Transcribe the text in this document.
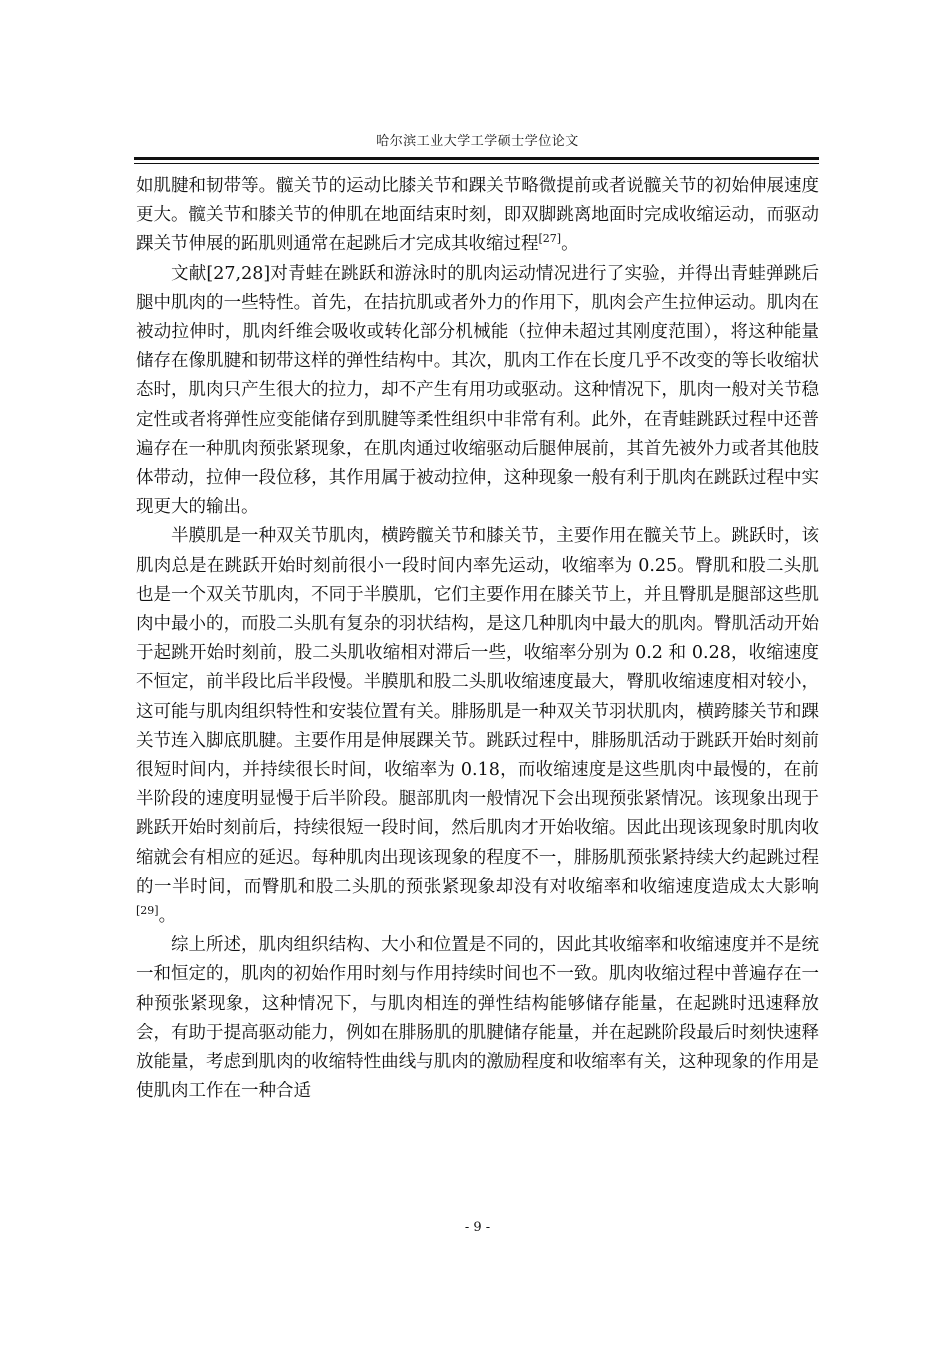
哈尔滨工业大学工学硕士学位论文

如肌腱和韧带等。髋关节的运动比膝关节和踝关节略微提前或者说髋关节的初始伸展速度更大。髋关节和膝关节的伸肌在地面结束时刻，即双脚跳离地面时完成收缩运动，而驱动踝关节伸展的跖肌则通常在起跳后才完成其收缩过程[27]。

文献[27,28]对青蛙在跳跃和游泳时的肌肉运动情况进行了实验，并得出青蛙弹跳后腿中肌肉的一些特性。首先，在拮抗肌或者外力的作用下，肌肉会产生拉伸运动。肌肉在被动拉伸时，肌肉纤维会吸收或转化部分机械能（拉伸未超过其刚度范围），将这种能量储存在像肌腱和韧带这样的弹性结构中。其次，肌肉工作在长度几乎不改变的等长收缩状态时，肌肉只产生很大的拉力，却不产生有用功或驱动。这种情况下，肌肉一般对关节稳定性或者将弹性应变能储存到肌腱等柔性组织中非常有利。此外，在青蛙跳跃过程中还普遍存在一种肌肉预张紧现象，在肌肉通过收缩驱动后腿伸展前，其首先被外力或者其他肢体带动，拉伸一段位移，其作用属于被动拉伸，这种现象一般有利于肌肉在跳跃过程中实现更大的输出。

半膜肌是一种双关节肌肉，横跨髋关节和膝关节，主要作用在髋关节上。跳跃时，该肌肉总是在跳跃开始时刻前很小一段时间内率先运动，收缩率为 0.25。臀肌和股二头肌也是一个双关节肌肉，不同于半膜肌，它们主要作用在膝关节上，并且臀肌是腿部这些肌肉中最小的，而股二头肌有复杂的羽状结构，是这几种肌肉中最大的肌肉。臀肌活动开始于起跳开始时刻前，股二头肌收缩相对滞后一些，收缩率分别为 0.2 和 0.28，收缩速度不恒定，前半段比后半段慢。半膜肌和股二头肌收缩速度最大，臀肌收缩速度相对较小，这可能与肌肉组织特性和安装位置有关。腓肠肌是一种双关节羽状肌肉，横跨膝关节和踝关节连入脚底肌腱。主要作用是伸展踝关节。跳跃过程中，腓肠肌活动于跳跃开始时刻前很短时间内，并持续很长时间，收缩率为 0.18，而收缩速度是这些肌肉中最慢的，在前半阶段的速度明显慢于后半阶段。腿部肌肉一般情况下会出现预张紧情况。该现象出现于跳跃开始时刻前后，持续很短一段时间，然后肌肉才开始收缩。因此出现该现象时肌肉收缩就会有相应的延迟。每种肌肉出现该现象的程度不一，腓肠肌预张紧持续大约起跳过程的一半时间，而臀肌和股二头肌的预张紧现象却没有对收缩率和收缩速度造成太大影响[29]。

综上所述，肌肉组织结构、大小和位置是不同的，因此其收缩率和收缩速度并不是统一和恒定的，肌肉的初始作用时刻与作用持续时间也不一致。肌肉收缩过程中普遍存在一种预张紧现象，这种情况下，与肌肉相连的弹性结构能够储存能量，在起跳时迅速释放会，有助于提高驱动能力，例如在腓肠肌的肌腱储存能量，并在起跳阶段最后时刻快速释放能量，考虑到肌肉的收缩特性曲线与肌肉的激励程度和收缩率有关，这种现象的作用是使肌肉工作在一种合适

- 9 -
